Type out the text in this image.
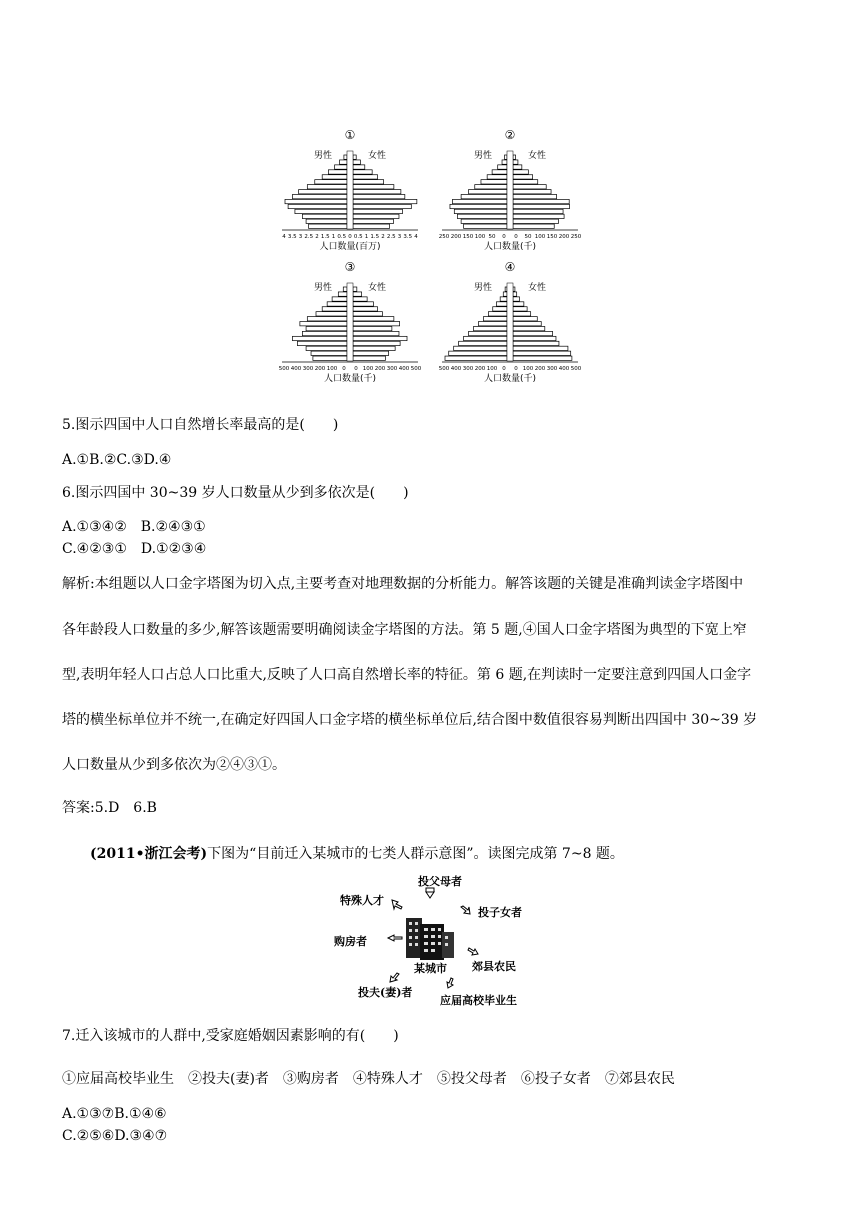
①
男性	女性
4 3.5 3 2.5 2 1.5 1 0.5 0 0.5 1 1.5 2 2.5 3 3.5 4
人口数量(百万)
②
男性	女性
250 200 150 100 50 0 0 50 100 150 200 250
人口数量(千)
③
男性	女性
500 400 300 200 100 0 0 100 200 300 400 500
人口数量(千)
④
男性	女性
500 400 300 200 100 0 0 100 200 300 400 500
人口数量(千)
5.图示四国中人口自然增长率最高的是(　　)
A.①B.②C.③D.④
6.图示四国中 30~39 岁人口数量从少到多依次是(　　)
A.①③④②　B.②④③①
C.④②③①　D.①②③④
解析:本组题以人口金字塔图为切入点,主要考查对地理数据的分析能力。解答该题的关键是准确判读金字塔图中
各年龄段人口数量的多少,解答该题需要明确阅读金字塔图的方法。第 5 题,④国人口金字塔图为典型的下宽上窄
型,表明年轻人口占总人口比重大,反映了人口高自然增长率的特征。第 6 题,在判读时一定要注意到四国人口金字
塔的横坐标单位并不统一,在确定好四国人口金字塔的横坐标单位后,结合图中数值很容易判断出四国中 30~39 岁
人口数量从少到多依次为②④③①。
答案:5.D　6.B
(2011•浙江会考)下图为“目前迁入某城市的七类人群示意图”。读图完成第 7~8 题。
投父母者
特殊人才
投子女者
购房者
某城市 郊县农民
投夫(妻)者
应届高校毕业生
7.迁入该城市的人群中,受家庭婚姻因素影响的有(　　)
①应届高校毕业生　②投夫(妻)者　③购房者　④特殊人才　⑤投父母者　⑥投子女者　⑦郊县农民
A.①③⑦B.①④⑥
C.②⑤⑥D.③④⑦
